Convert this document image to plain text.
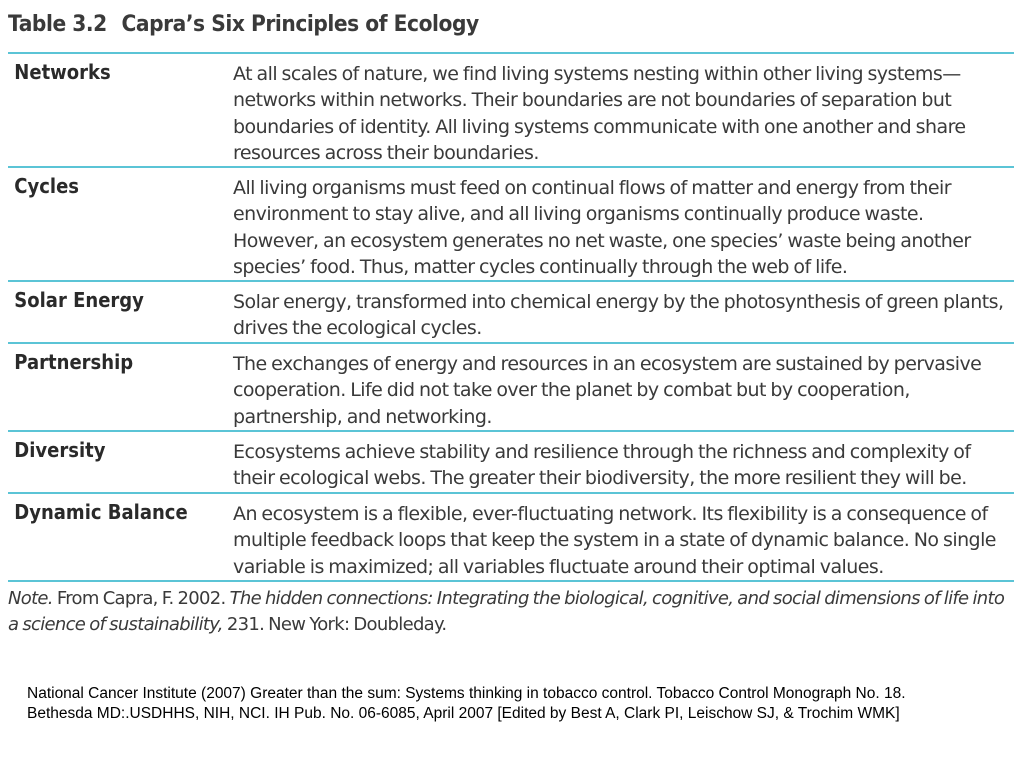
Table 3.2 Capra’s Six Principles of Ecology
Networks	At all scales of nature, we find living systems nesting within other living systems—networks within networks. Their boundaries are not boundaries of separation but boundaries of identity. All living systems communicate with one another and share resources across their boundaries.
Cycles	All living organisms must feed on continual flows of matter and energy from their environment to stay alive, and all living organisms continually produce waste. However, an ecosystem generates no net waste, one species’ waste being another species’ food. Thus, matter cycles continually through the web of life.
Solar Energy	Solar energy, transformed into chemical energy by the photosynthesis of green plants, drives the ecological cycles.
Partnership	The exchanges of energy and resources in an ecosystem are sustained by pervasive cooperation. Life did not take over the planet by combat but by cooperation, partnership, and networking.
Diversity	Ecosystems achieve stability and resilience through the richness and complexity of their ecological webs. The greater their biodiversity, the more resilient they will be.
Dynamic Balance	An ecosystem is a flexible, ever-fluctuating network. Its flexibility is a consequence of multiple feedback loops that keep the system in a state of dynamic balance. No single variable is maximized; all variables fluctuate around their optimal values.
Note. From Capra, F. 2002. The hidden connections: Integrating the biological, cognitive, and social dimensions of life into a science of sustainability, 231. New York: Doubleday.
National Cancer Institute (2007) Greater than the sum: Systems thinking in tobacco control. Tobacco Control Monograph No. 18.
Bethesda MD:.USDHHS, NIH, NCI. IH Pub. No. 06-6085, April 2007 [Edited by Best A, Clark PI, Leischow SJ, & Trochim WMK]
